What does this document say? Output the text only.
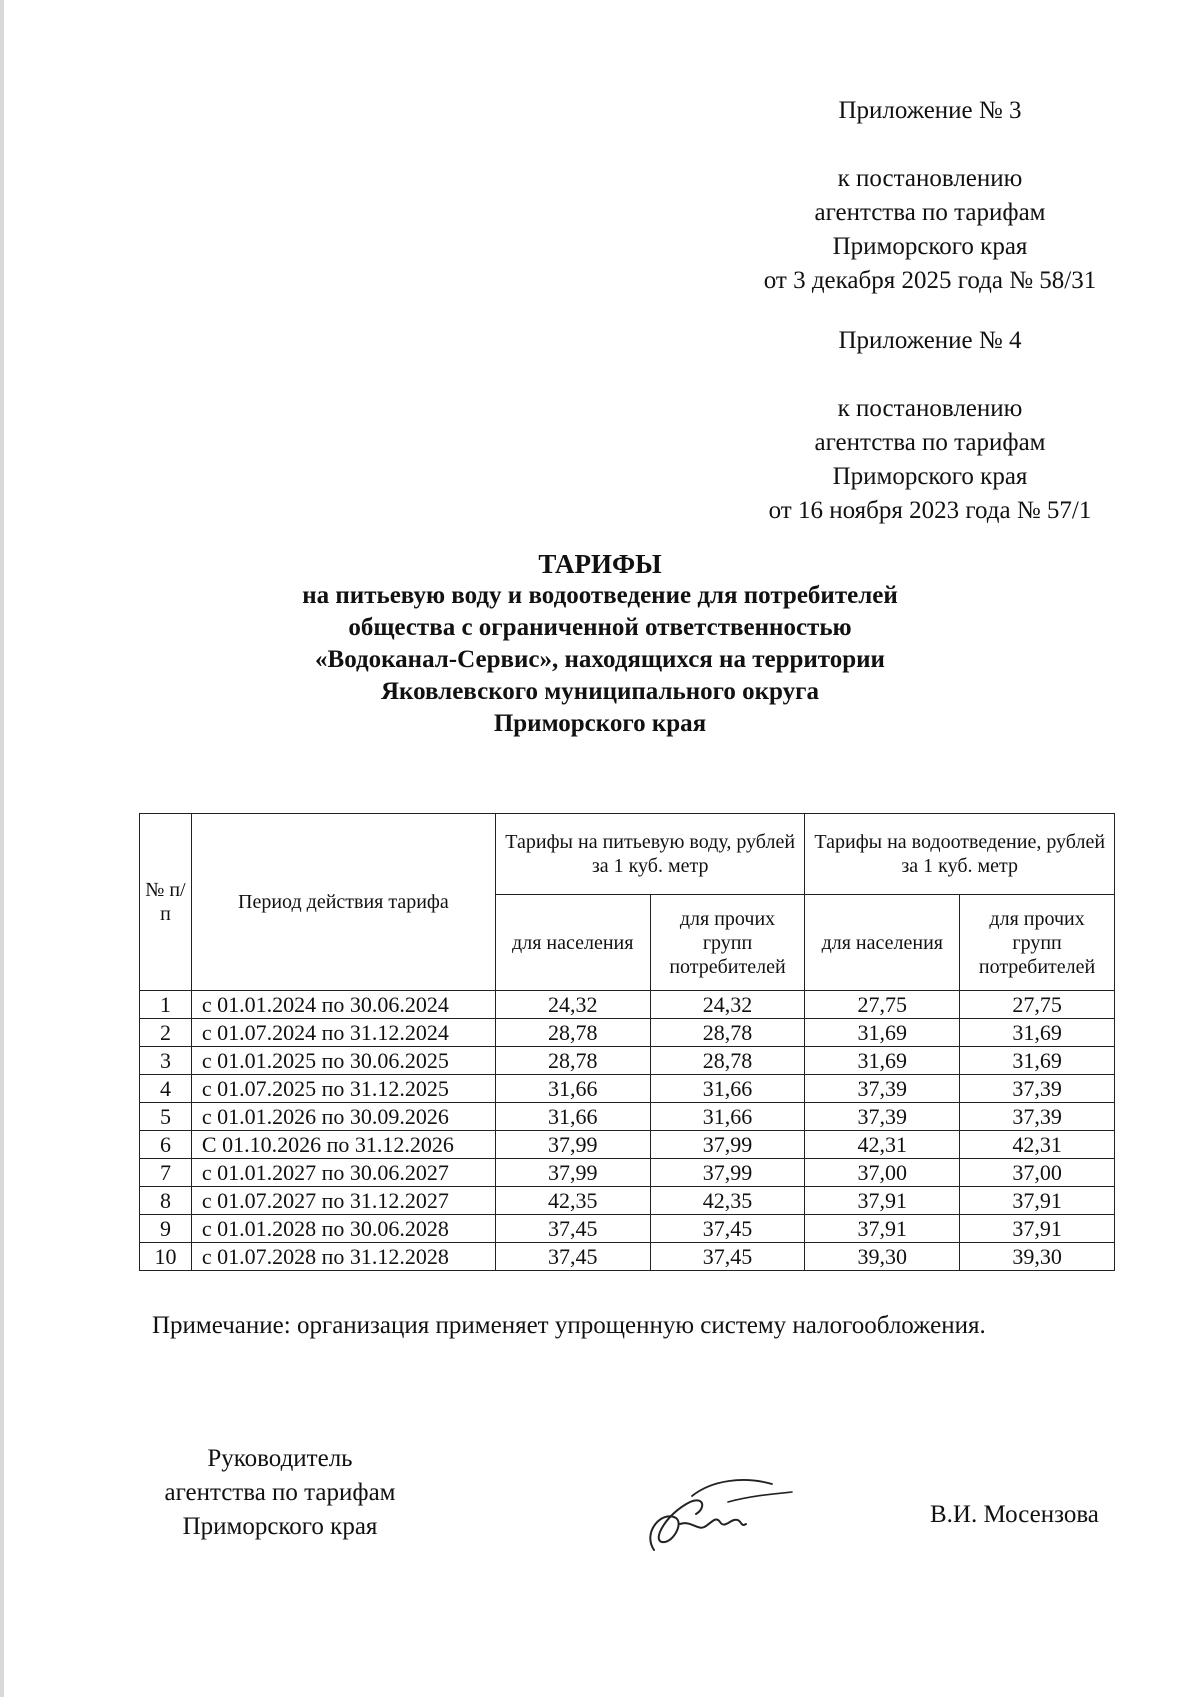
Приложение № 3
к постановлению
агентства по тарифам
Приморского края
от 3 декабря 2025 года № 58/31
Приложение № 4
к постановлению
агентства по тарифам
Приморского края
от 16 ноября 2023 года № 57/1
ТАРИФЫ
на питьевую воду и водоотведение для потребителей
общества с ограниченной ответственностью
«Водоканал-Сервис», находящихся на территории
Яковлевского муниципального округа
Приморского края
№ п/п	Период действия тарифа	Тарифы на питьевую воду, рублей за 1 куб. метр		Тарифы на водоотведение, рублей за 1 куб. метр	
		для населения	для прочих групп потребителей	для населения	для прочих групп потребителей
1	с 01.01.2024 по 30.06.2024	24,32	24,32	27,75	27,75
2	с 01.07.2024 по 31.12.2024	28,78	28,78	31,69	31,69
3	с 01.01.2025 по 30.06.2025	28,78	28,78	31,69	31,69
4	с 01.07.2025 по 31.12.2025	31,66	31,66	37,39	37,39
5	с 01.01.2026 по 30.09.2026	31,66	31,66	37,39	37,39
6	С 01.10.2026 по 31.12.2026	37,99	37,99	42,31	42,31
7	с 01.01.2027 по 30.06.2027	37,99	37,99	37,00	37,00
8	с 01.07.2027 по 31.12.2027	42,35	42,35	37,91	37,91
9	с 01.01.2028 по 30.06.2028	37,45	37,45	37,91	37,91
10	с 01.07.2028 по 31.12.2028	37,45	37,45	39,30	39,30
Примечание: организация применяет упрощенную систему налогообложения.
Руководитель
агентства по тарифам
Приморского края	В.И. Мосензова
